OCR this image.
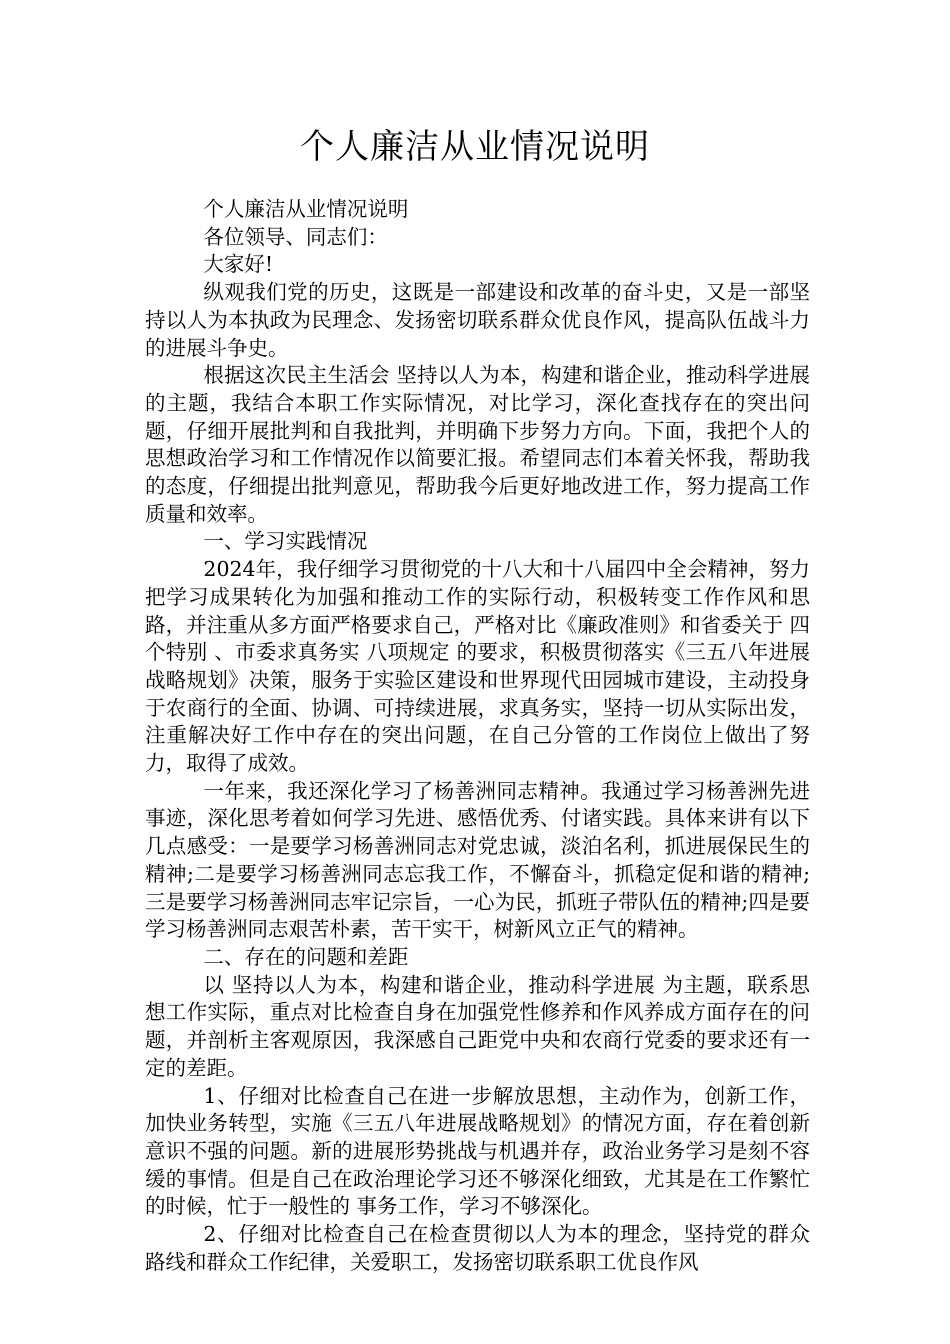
个人廉洁从业情况说明

个人廉洁从业情况说明

各位领导、同志们：

大家好!

纵观我们党的历史，这既是一部建设和改革的奋斗史，又是一部坚持以人为本执政为民理念、发扬密切联系群众优良作风，提高队伍战斗力的进展斗争史。

根据这次民主生活会 坚持以人为本，构建和谐企业，推动科学进展 的主题，我结合本职工作实际情况，对比学习，深化查找存在的突出问题，仔细开展批判和自我批判，并明确下步努力方向。下面，我把个人的思想政治学习和工作情况作以简要汇报。希望同志们本着关怀我，帮助我的态度，仔细提出批判意见，帮助我今后更好地改进工作，努力提高工作质量和效率。

一、学习实践情况

2024年，我仔细学习贯彻党的十八大和十八届四中全会精神，努力把学习成果转化为加强和推动工作的实际行动，积极转变工作作风和思路，并注重从多方面严格要求自己，严格对比《廉政准则》和省委关于 四个特别 、市委求真务实 八项规定 的要求，积极贯彻落实《三五八年进展战略规划》决策，服务于实验区建设和世界现代田园城市建设，主动投身于农商行的全面、协调、可持续进展，求真务实，坚持一切从实际出发，注重解决好工作中存在的突出问题，在自己分管的工作岗位上做出了努力，取得了成效。

一年来，我还深化学习了杨善洲同志精神。我通过学习杨善洲先进事迹，深化思考着如何学习先进、感悟优秀、付诸实践。具体来讲有以下几点感受：一是要学习杨善洲同志对党忠诚，淡泊名利，抓进展保民生的精神;二是要学习杨善洲同志忘我工作，不懈奋斗，抓稳定促和谐的精神;三是要学习杨善洲同志牢记宗旨，一心为民，抓班子带队伍的精神;四是要学习杨善洲同志艰苦朴素，苦干实干，树新风立正气的精神。

二、存在的问题和差距

以 坚持以人为本，构建和谐企业，推动科学进展 为主题，联系思想工作实际，重点对比检查自身在加强党性修养和作风养成方面存在的问题，并剖析主客观原因，我深感自己距党中央和农商行党委的要求还有一定的差距。

1、仔细对比检查自己在进一步解放思想，主动作为，创新工作，加快业务转型，实施《三五八年进展战略规划》的情况方面，存在着创新意识不强的问题。新的进展形势挑战与机遇并存，政治业务学习是刻不容缓的事情。但是自己在政治理论学习还不够深化细致，尤其是在工作繁忙的时候，忙于一般性的 事务工作，学习不够深化。

2、仔细对比检查自己在检查贯彻以人为本的理念，坚持党的群众路线和群众工作纪律，关爱职工，发扬密切联系职工优良作风
